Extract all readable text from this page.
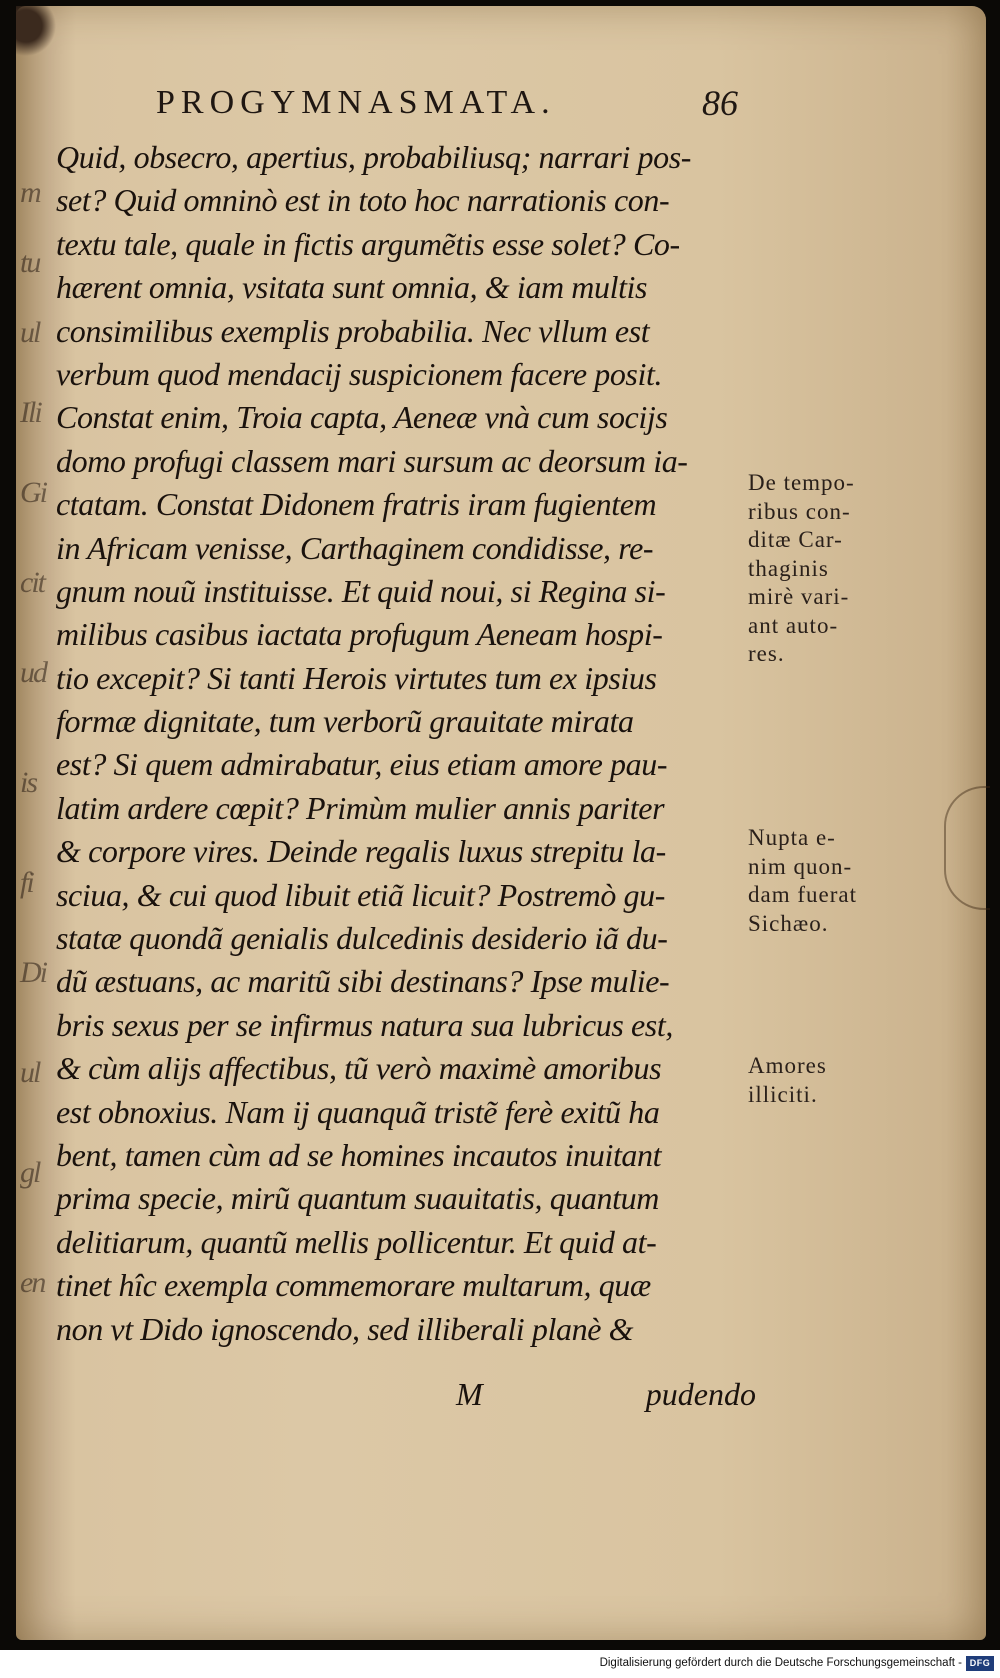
m
tu
ul
Ili
Gi
cit
ud
is
fi
Di
ul
gl
en
PROGYMNASMATA.	86
Quid, obsecro, apertius, probabiliusq; narrari pos-
set? Quid omninò est in toto hoc narrationis con-
textu tale, quale in fictis argumẽtis esse solet? Co-
hærent omnia, vsitata sunt omnia, & iam multis
consimilibus exemplis probabilia. Nec vllum est
verbum quod mendacij suspicionem facere posit.
Constat enim, Troia capta, Aeneæ vnà cum socijs
domo profugi classem mari sursum ac deorsum ia-
ctatam. Constat Didonem fratris iram fugientem
in Africam venisse, Carthaginem condidisse, re-
gnum nouũ instituisse. Et quid noui, si Regina si-
milibus casibus iactata profugum Aeneam hospi-
tio excepit? Si tanti Herois virtutes tum ex ipsius
formæ dignitate, tum verborũ grauitate mirata
est? Si quem admirabatur, eius etiam amore pau-
latim ardere cœpit? Primùm mulier annis pariter
& corpore vires. Deinde regalis luxus strepitu la-
sciua, & cui quod libuit etiã licuit? Postremò gu-
statæ quondã genialis dulcedinis desiderio iã du-
dũ æstuans, ac maritũ sibi destinans? Ipse mulie-
bris sexus per se infirmus natura sua lubricus est,
& cùm alijs affectibus, tũ verò maximè amoribus
est obnoxius. Nam ij quanquã tristẽ ferè exitũ ha
bent, tamen cùm ad se homines incautos inuitant
prima specie, mirũ quantum suauitatis, quantum
delitiarum, quantũ mellis pollicentur. Et quid at-
tinet hîc exempla commemorare multarum, quæ
non vt Dido ignoscendo, sed illiberali planè &
M	pudendo
De tempo-
ribus con-
ditæ Car-
thaginis
mirè vari-
ant auto-
res.
Nupta e-
nim quon-
dam fuerat
Sichæo.
Amores
illiciti.

Digitalisierung gefördert durch die Deutsche Forschungsgemeinschaft - DFG
